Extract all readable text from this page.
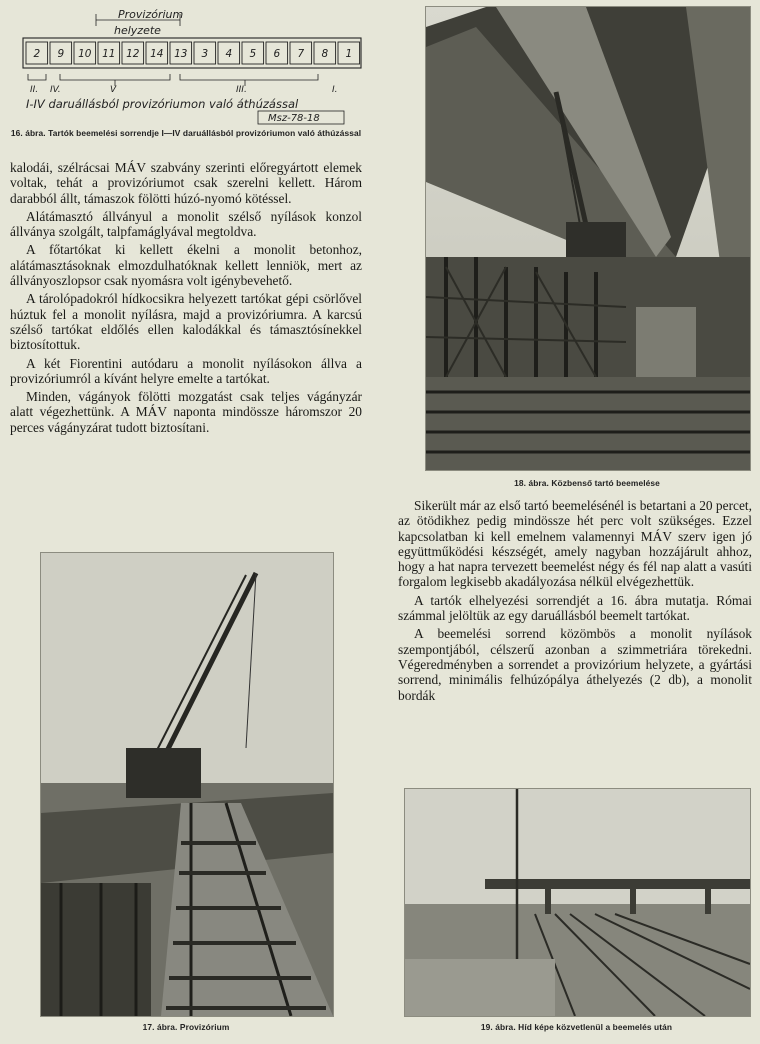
Provizórium
helyzete
2 9 10 11 12 14 13 3 4 5 6 7 8 1
II. IV.	V	III.	I.
I-IV daruállásból provizóriumon való áthúzással
Msz-78-18
16. ábra. Tartók beemelési sorrendje I—IV daruállásból provizóriumon való áthúzással

kalodái, szélrácsai MÁV szabvány szerinti előregyártott elemek voltak, tehát a provizóriumot csak szerelni kellett. Három darabból állt, támaszok fölötti húzó-nyomó kötéssel.

Alátámasztó állványul a monolit szélső nyílások konzol állványa szolgált, talpfamáglyával megtoldva.

A főtartókat ki kellett ékelni a monolit betonhoz, alátámasztásoknak elmozdulhatóknak kellett lenniök, mert az állványoszlopsor csak nyomásra volt igénybevehető.

A tárolópadokról hídkocsikra helyezett tartókat gépi csörlővel húztuk fel a monolit nyílásra, majd a provizóriumra. A karcsú szélső tartókat eldőlés ellen kalodákkal és támasztósínekkel biztosítottuk.

A két Fiorentini autódaru a monolit nyílásokon állva a provizóriumról a kívánt helyre emelte a tartókat.

Minden, vágányok fölötti mozgatást csak teljes vágányzár alatt végezhettünk. A MÁV naponta mindössze háromszor 20 perces vágányzárat tudott biztosítani.

18. ábra. Közbenső tartó beemelése

Sikerült már az első tartó beemelésénél is betartani a 20 percet, az ötödikhez pedig mindössze hét perc volt szükséges. Ezzel kapcsolatban ki kell emelnem valamennyi MÁV szerv igen jó együttműködési készségét, amely nagyban hozzájárult ahhoz, hogy a hat napra tervezett beemelést négy és fél nap alatt a vasúti forgalom legkisebb akadályozása nélkül elvégezhettük.

A tartók elhelyezési sorrendjét a 16. ábra mutatja. Római számmal jelöltük az egy daruállásból beemelt tartókat.

A beemelési sorrend közömbös a monolit nyílások szempontjából, célszerű azonban a szimmetriára törekedni. Végeredményben a sorrendet a provizórium helyzete, a gyártási sorrend, minimális felhúzópálya áthelyezés (2 db), a monolit bordák

17. ábra. Provizórium	19. ábra. Híd képe közvetlenül a beemelés után
